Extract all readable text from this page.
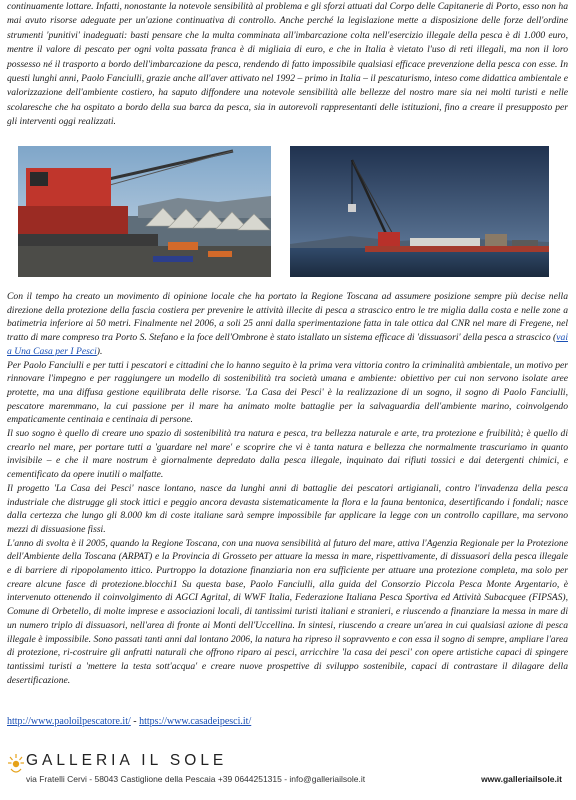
continuamente lottare. Infatti, nonostante la notevole sensibilità al problema e gli sforzi attuati dal Corpo delle Capitanerie di Porto, esso non ha mai avuto risorse adeguate per un'azione continuativa di controllo. Anche perché la legislazione mette a disposizione delle forze dell'ordine strumenti 'punitivi' inadeguati: basti pensare che la multa comminata all'imbarcazione colta nell'esercizio illegale della pesca è di 1.000 euro, mentre il valore di pescato per ogni volta passata franca è di migliaia di euro, e che in Italia è vietato l'uso di reti illegali, ma non il loro possesso né il trasporto a bordo dell'imbarcazione da pesca, rendendo di fatto impossibile qualsiasi efficace prevenzione della pesca con esse. In questi lunghi anni, Paolo Fanciulli, grazie anche all'aver attivato nel 1992 – primo in Italia – il pescaturismo, inteso come didattica ambientale e valorizzazione dell'ambiente costiero, ha saputo diffondere una notevole sensibilità alle bellezze del nostro mare sia nei molti turisti e nelle scolaresche che ha ospitato a bordo della sua barca da pesca, sia in autorevoli rappresentanti delle istituzioni, fino a creare il presupposto per gli interventi oggi realizzati.

Con il tempo ha creato un movimento di opinione locale che ha portato la Regione Toscana ad assumere posizione sempre più decise nella direzione della protezione della fascia costiera per prevenire le attività illecite di pesca a strascico entro le tre miglia dalla costa e nelle zone a batimetria inferiore ai 50 metri. Finalmente nel 2006, a soli 25 anni dalla sperimentazione fatta in tale ottica dal CNR nel mare di Fregene, nel tratto di mare compreso tra Porto S. Stefano e la foce dell'Ombrone è stato istallato un sistema efficace di 'dissuasori' della pesca a strascico (vai a Una Casa per I Pesci).

Per Paolo Fanciulli e per tutti i pescatori e cittadini che lo hanno seguito è la prima vera vittoria contro la criminalità ambientale, un motivo per rinnovare l'impegno e per raggiungere un modello di sostenibilità tra società umana e ambiente: obiettivo per cui non servono isolate aree protette, ma una diffusa gestione equilibrata delle risorse. 'La Casa dei Pesci' è la realizzazione di un sogno, il sogno di Paolo Fanciulli, pescatore maremmano, la cui passione per il mare ha animato molte battaglie per la salvaguardia dell'ambiente marino, coinvolgendo empaticamente centinaia e centinaia di persone.

Il suo sogno è quello di creare uno spazio di sostenibilità tra natura e pesca, tra bellezza naturale e arte, tra protezione e fruibilità; è quello di crearlo nel mare, per portare tutti a 'guardare nel mare' e scoprire che vi è tanta natura e bellezza che normalmente trascuriamo in quanto invisibile – e che il mare nostrum è giornalmente depredato dalla pesca illegale, inquinato dai rifiuti tossici e dai detergenti chimici, e cementificato da opere inutili o malfatte.

Il progetto 'La Casa dei Pesci' nasce lontano, nasce da lunghi anni di battaglie dei pescatori artigianali, contro l'invadenza della pesca industriale che distrugge gli stock ittici e peggio ancora devasta sistematicamente la flora e la fauna bentonica, desertificando i fondali; nasce dalla certezza che lungo gli 8.000 km di coste italiane sarà sempre impossibile far applicare la legge con un controllo capillare, ma servono mezzi di dissuasione fissi.

L'anno di svolta è il 2005, quando la Regione Toscana, con una nuova sensibilità al futuro del mare, attiva l'Agenzia Regionale per la Protezione dell'Ambiente della Toscana (ARPAT) e la Provincia di Grosseto per attuare la messa in mare, rispettivamente, di dissuasori della pesca illegale e di barriere di ripopolamento ittico. Purtroppo la dotazione finanziaria non era sufficiente per attuare una protezione completa, ma solo per creare alcune fasce di protezione.blocchi1 Su questa base, Paolo Fanciulli, alla guida del Consorzio Piccola Pesca Monte Argentario, è intervenuto ottenendo il coinvolgimento di AGCI Agrital, di WWF Italia, Federazione Italiana Pesca Sportiva ed Attività Subacquee (FIPSAS), Comune di Orbetello, di molte imprese e associazioni locali, di tantissimi turisti italiani e stranieri, e riuscendo a finanziare la messa in mare di un numero triplo di dissuasori, nell'area di fronte ai Monti dell'Uccellina. In sintesi, riuscendo a creare un'area in cui qualsiasi azione di pesca illegale è impossibile. Sono passati tanti anni dal lontano 2006, la natura ha ripreso il sopravvento e con essa il sogno di sempre, ampliare l'area di protezione, ri-costruire gli anfratti naturali che offrono riparo ai pesci, arricchire 'la casa dei pesci' con opere artistiche capaci di spingere tantissimi turisti a 'mettere la testa sott'acqua' e creare nuove prospettive di sviluppo sostenibile, capaci di contrastare il dilagare della desertificazione.

http://www.paoloilpescatore.it/ - https://www.casadeipesci.it/
GALLERIA IL SOLE
via Fratelli Cervi - 58043 Castiglione della Pescaia +39 0644251315 - info@galleriailsole.it	www.galleriailsole.it
